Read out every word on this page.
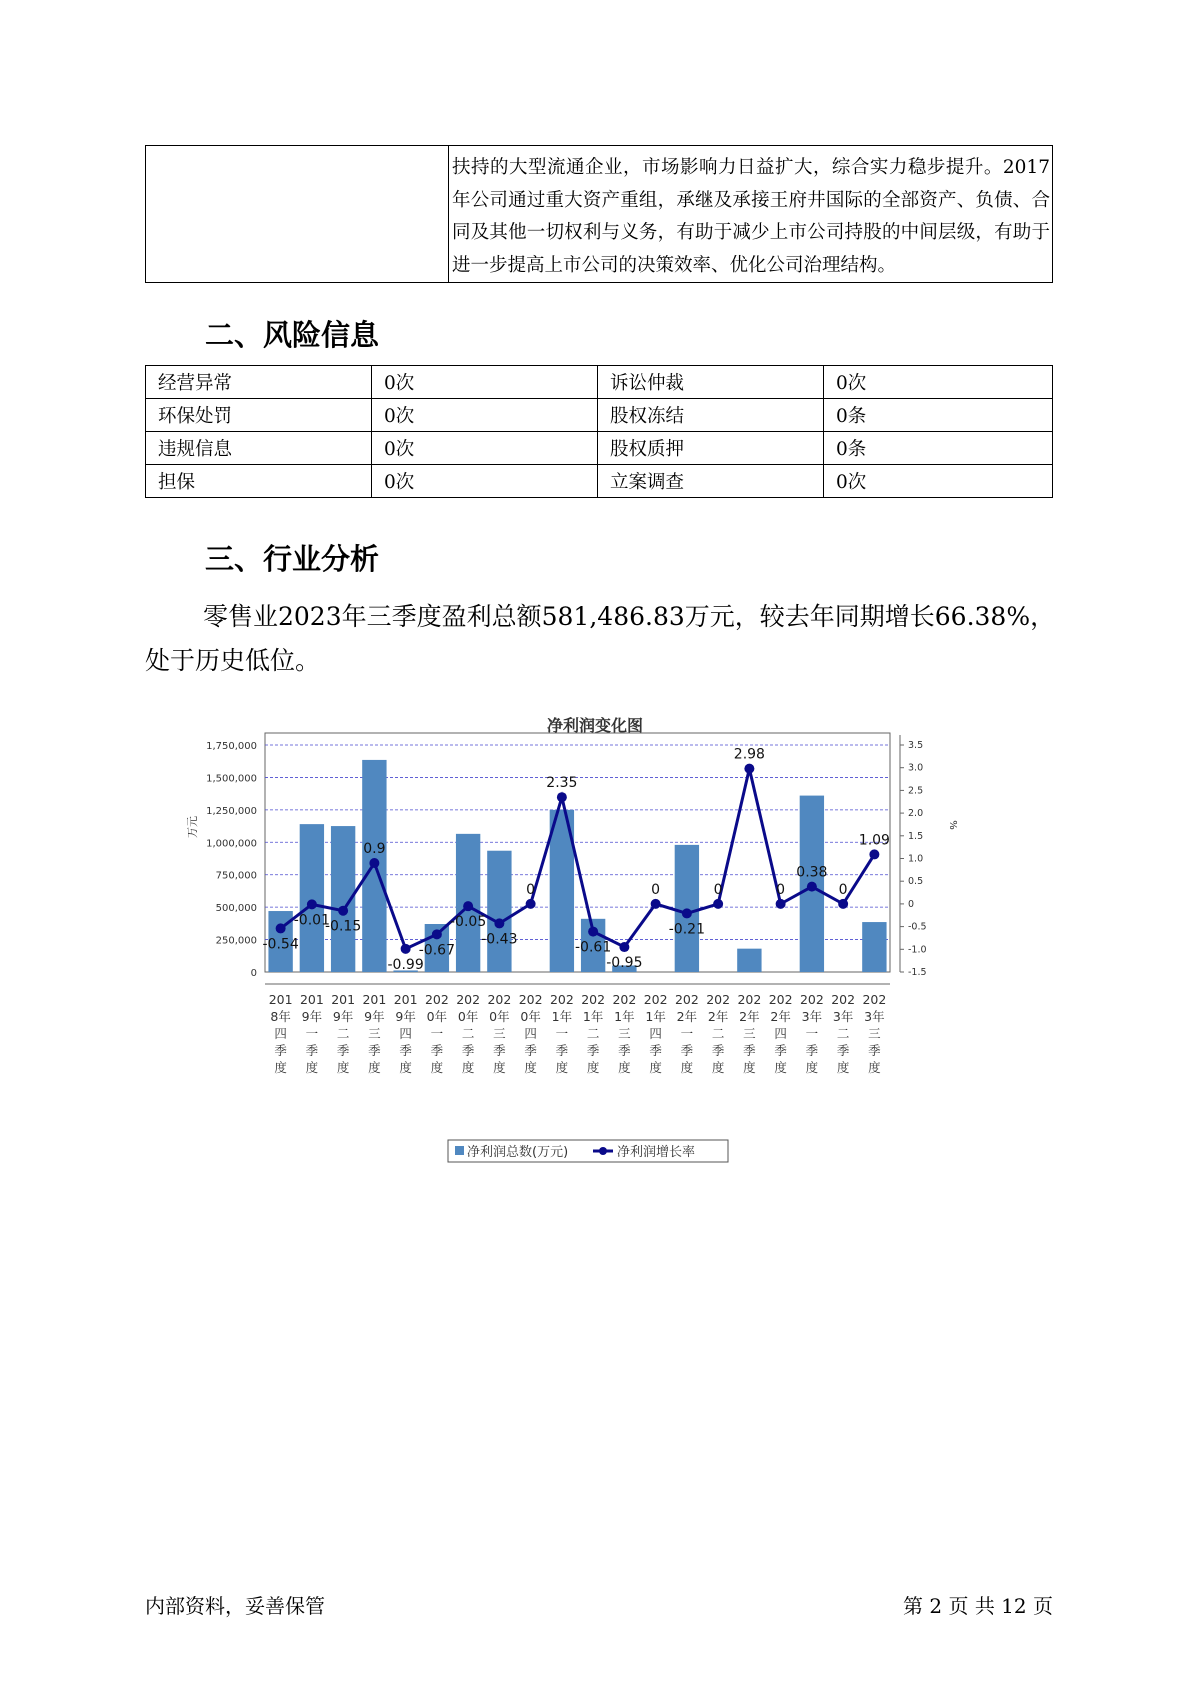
	扶持的大型流通企业，市场影响力日益扩大，综合实力稳步提升。2017年公司通过重大资产重组，承继及承接王府井国际的全部资产、负债、合同及其他一切权利与义务，有助于减少上市公司持股的中间层级，有助于进一步提高上市公司的决策效率、优化公司治理结构。
二、风险信息
经营异常	0次	诉讼仲裁	0次
环保处罚	0次	股权冻结	0条
违规信息	0次	股权质押	0条
担保	0次	立案调查	0次
三、行业分析

零售业2023年三季度盈利总额581,486.83万元，较去年同期增长66.38%，处于历史低位。

净利润变化图
0
250,000
500,000
750,000
1,000,000
1,250,000
1,500,000
1,750,000
-1.5
-1.0
-0.5
0
0.5
1.0
1.5
2.0
2.5
3.0
3.5
201 8年四季度
201 9年一季度
201 9年二季度
201 9年三季度
201 9年四季度
202 0年一季度
202 0年二季度
202 0年三季度
202 0年四季度
202 1年一季度
202 1年二季度
202 1年三季度
202 1年四季度
202 2年一季度
202 2年二季度
202 2年三季度
202 2年四季度
202 3年一季度
202 3年二季度
202 3年三季度
-0.54
-0.01
-0.15
0.9
-0.99
-0.67
-0.05
-0.43
0
2.35
-0.61
-0.95
0
-0.21
0
2.98
0
0.38
0
1.09
万元	%
净利润总数(万元)	净利润增长率
内部资料，妥善保管	第 2 页 共 12 页
